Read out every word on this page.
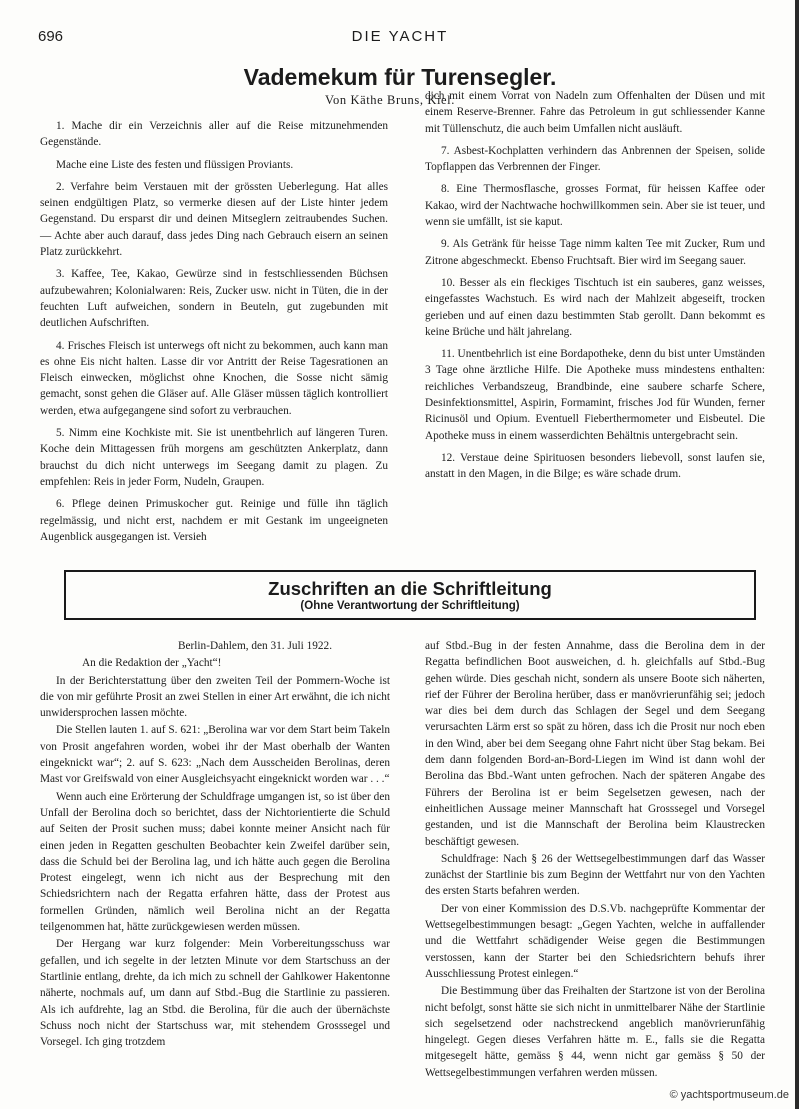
696	DIE YACHT
Vademekum für Turensegler.
Von Käthe Bruns, Kiel.

1. Mache dir ein Verzeichnis aller auf die Reise mitzunehmenden Gegenstände.

Mache eine Liste des festen und flüssigen Proviants.

2. Verfahre beim Verstauen mit der grössten Ueberlegung. Hat alles seinen endgültigen Platz, so vermerke diesen auf der Liste hinter jedem Gegenstand. Du ersparst dir und deinen Mitseglern zeitraubendes Suchen. — Achte aber auch darauf, dass jedes Ding nach Gebrauch eisern an seinen Platz zurückkehrt.

3. Kaffee, Tee, Kakao, Gewürze sind in festschliessenden Büchsen aufzubewahren; Kolonialwaren: Reis, Zucker usw. nicht in Tüten, die in der feuchten Luft aufweichen, sondern in Beuteln, gut zugebunden mit deutlichen Aufschriften.

4. Frisches Fleisch ist unterwegs oft nicht zu bekommen, auch kann man es ohne Eis nicht halten. Lasse dir vor Antritt der Reise Tagesrationen an Fleisch einwecken, möglichst ohne Knochen, die Sosse nicht sämig gemacht, sonst gehen die Gläser auf. Alle Gläser müssen täglich kontrolliert werden, etwa aufgegangene sind sofort zu verbrauchen.

5. Nimm eine Kochkiste mit. Sie ist unentbehrlich auf längeren Turen. Koche dein Mittagessen früh morgens am geschützten Ankerplatz, dann brauchst du dich nicht unterwegs im Seegang damit zu plagen. Zu empfehlen: Reis in jeder Form, Nudeln, Graupen.

6. Pflege deinen Primuskocher gut. Reinige und fülle ihn täglich regelmässig, und nicht erst, nachdem er mit Gestank im ungeeigneten Augenblick ausgegangen ist. Versieh

dich mit einem Vorrat von Nadeln zum Offenhalten der Düsen und mit einem Reserve-Brenner. Fahre das Petroleum in gut schliessender Kanne mit Tüllenschutz, die auch beim Umfallen nicht ausläuft.

7. Asbest-Kochplatten verhindern das Anbrennen der Speisen, solide Topflappen das Verbrennen der Finger.

8. Eine Thermosflasche, grosses Format, für heissen Kaffee oder Kakao, wird der Nachtwache hochwillkommen sein. Aber sie ist teuer, und wenn sie umfällt, ist sie kaput.

9. Als Getränk für heisse Tage nimm kalten Tee mit Zucker, Rum und Zitrone abgeschmeckt. Ebenso Fruchtsaft. Bier wird im Seegang sauer.

10. Besser als ein fleckiges Tischtuch ist ein sauberes, ganz weisses, eingefasstes Wachstuch. Es wird nach der Mahlzeit abgeseift, trocken gerieben und auf einen dazu bestimmten Stab gerollt. Dann bekommt es keine Brüche und hält jahrelang.

11. Unentbehrlich ist eine Bordapotheke, denn du bist unter Umständen 3 Tage ohne ärztliche Hilfe. Die Apotheke muss mindestens enthalten: reichliches Verbandszeug, Brandbinde, eine saubere scharfe Schere, Desinfektionsmittel, Aspirin, Formamint, frisches Jod für Wunden, ferner Ricinusöl und Opium. Eventuell Fieberthermometer und Eisbeutel. Die Apotheke muss in einem wasserdichten Behältnis untergebracht sein.

12. Verstaue deine Spirituosen besonders liebevoll, sonst laufen sie, anstatt in den Magen, in die Bilge; es wäre schade drum.

Zuschriften an die Schriftleitung
(Ohne Verantwortung der Schriftleitung)

Berlin-Dahlem, den 31. Juli 1922.

An die Redaktion der „Yacht“!

In der Berichterstattung über den zweiten Teil der Pommern-Woche ist die von mir geführte Prosit an zwei Stellen in einer Art erwähnt, die ich nicht unwidersprochen lassen möchte.

Die Stellen lauten 1. auf S. 621: „Berolina war vor dem Start beim Takeln von Prosit angefahren worden, wobei ihr der Mast oberhalb der Wanten eingeknickt war“; 2. auf S. 623: „Nach dem Ausscheiden Berolinas, deren Mast vor Greifswald von einer Ausgleichsyacht eingeknickt worden war . . .“

Wenn auch eine Erörterung der Schuldfrage umgangen ist, so ist über den Unfall der Berolina doch so berichtet, dass der Nichtorientierte die Schuld auf Seiten der Prosit suchen muss; dabei konnte meiner Ansicht nach für einen jeden in Regatten geschulten Beobachter kein Zweifel darüber sein, dass die Schuld bei der Berolina lag, und ich hätte auch gegen die Berolina Protest eingelegt, wenn ich nicht aus der Besprechung mit den Schiedsrichtern nach der Regatta erfahren hätte, dass der Protest aus formellen Gründen, nämlich weil Berolina nicht an der Regatta teilgenommen hat, hätte zurückgewiesen werden müssen.

Der Hergang war kurz folgender: Mein Vorbereitungsschuss war gefallen, und ich segelte in der letzten Minute vor dem Startschuss an der Startlinie entlang, drehte, da ich mich zu schnell der Gahlkower Hakentonne näherte, nochmals auf, um dann auf Stbd.-Bug die Startlinie zu passieren. Als ich aufdrehte, lag an Stbd. die Berolina, für die auch der übernächste Schuss noch nicht der Startschuss war, mit stehendem Grosssegel und Vorsegel. Ich ging trotzdem

auf Stbd.-Bug in der festen Annahme, dass die Berolina dem in der Regatta befindlichen Boot ausweichen, d. h. gleichfalls auf Stbd.-Bug gehen würde. Dies geschah nicht, sondern als unsere Boote sich näherten, rief der Führer der Berolina herüber, dass er manövrierunfähig sei; jedoch war dies bei dem durch das Schlagen der Segel und dem Seegang verursachten Lärm erst so spät zu hören, dass ich die Prosit nur noch eben in den Wind, aber bei dem Seegang ohne Fahrt nicht über Stag bekam. Bei dem dann folgenden Bord-an-Bord-Liegen im Wind ist dann wohl der Berolina das Bbd.-Want unten gefrochen. Nach der späteren Angabe des Führers der Berolina ist er beim Segelsetzen gewesen, nach der einheitlichen Aussage meiner Mannschaft hat Grosssegel und Vorsegel gestanden, und ist die Mannschaft der Berolina beim Klaustrecken beschäftigt gewesen.

Schuldfrage: Nach § 26 der Wettsegelbestimmungen darf das Wasser zunächst der Startlinie bis zum Beginn der Wettfahrt nur von den Yachten des ersten Starts befahren werden.

Der von einer Kommission des D.S.Vb. nachgeprüfte Kommentar der Wettsegelbestimmungen besagt: „Gegen Yachten, welche in auffallender und die Wettfahrt schädigender Weise gegen die Bestimmungen verstossen, kann der Starter bei den Schiedsrichtern behufs ihrer Ausschliessung Protest einlegen.“

Die Bestimmung über das Freihalten der Startzone ist von der Berolina nicht befolgt, sonst hätte sie sich nicht in unmittelbarer Nähe der Startlinie sich segelsetzend oder nachstreckend angeblich manövrierunfähig hingelegt. Gegen dieses Verfahren hätte m. E., falls sie die Regatta mitgesegelt hätte, gemäss § 44, wenn nicht gar gemäss § 50 der Wettsegelbestimmungen verfahren werden müssen.

© yachtsportmuseum.de
